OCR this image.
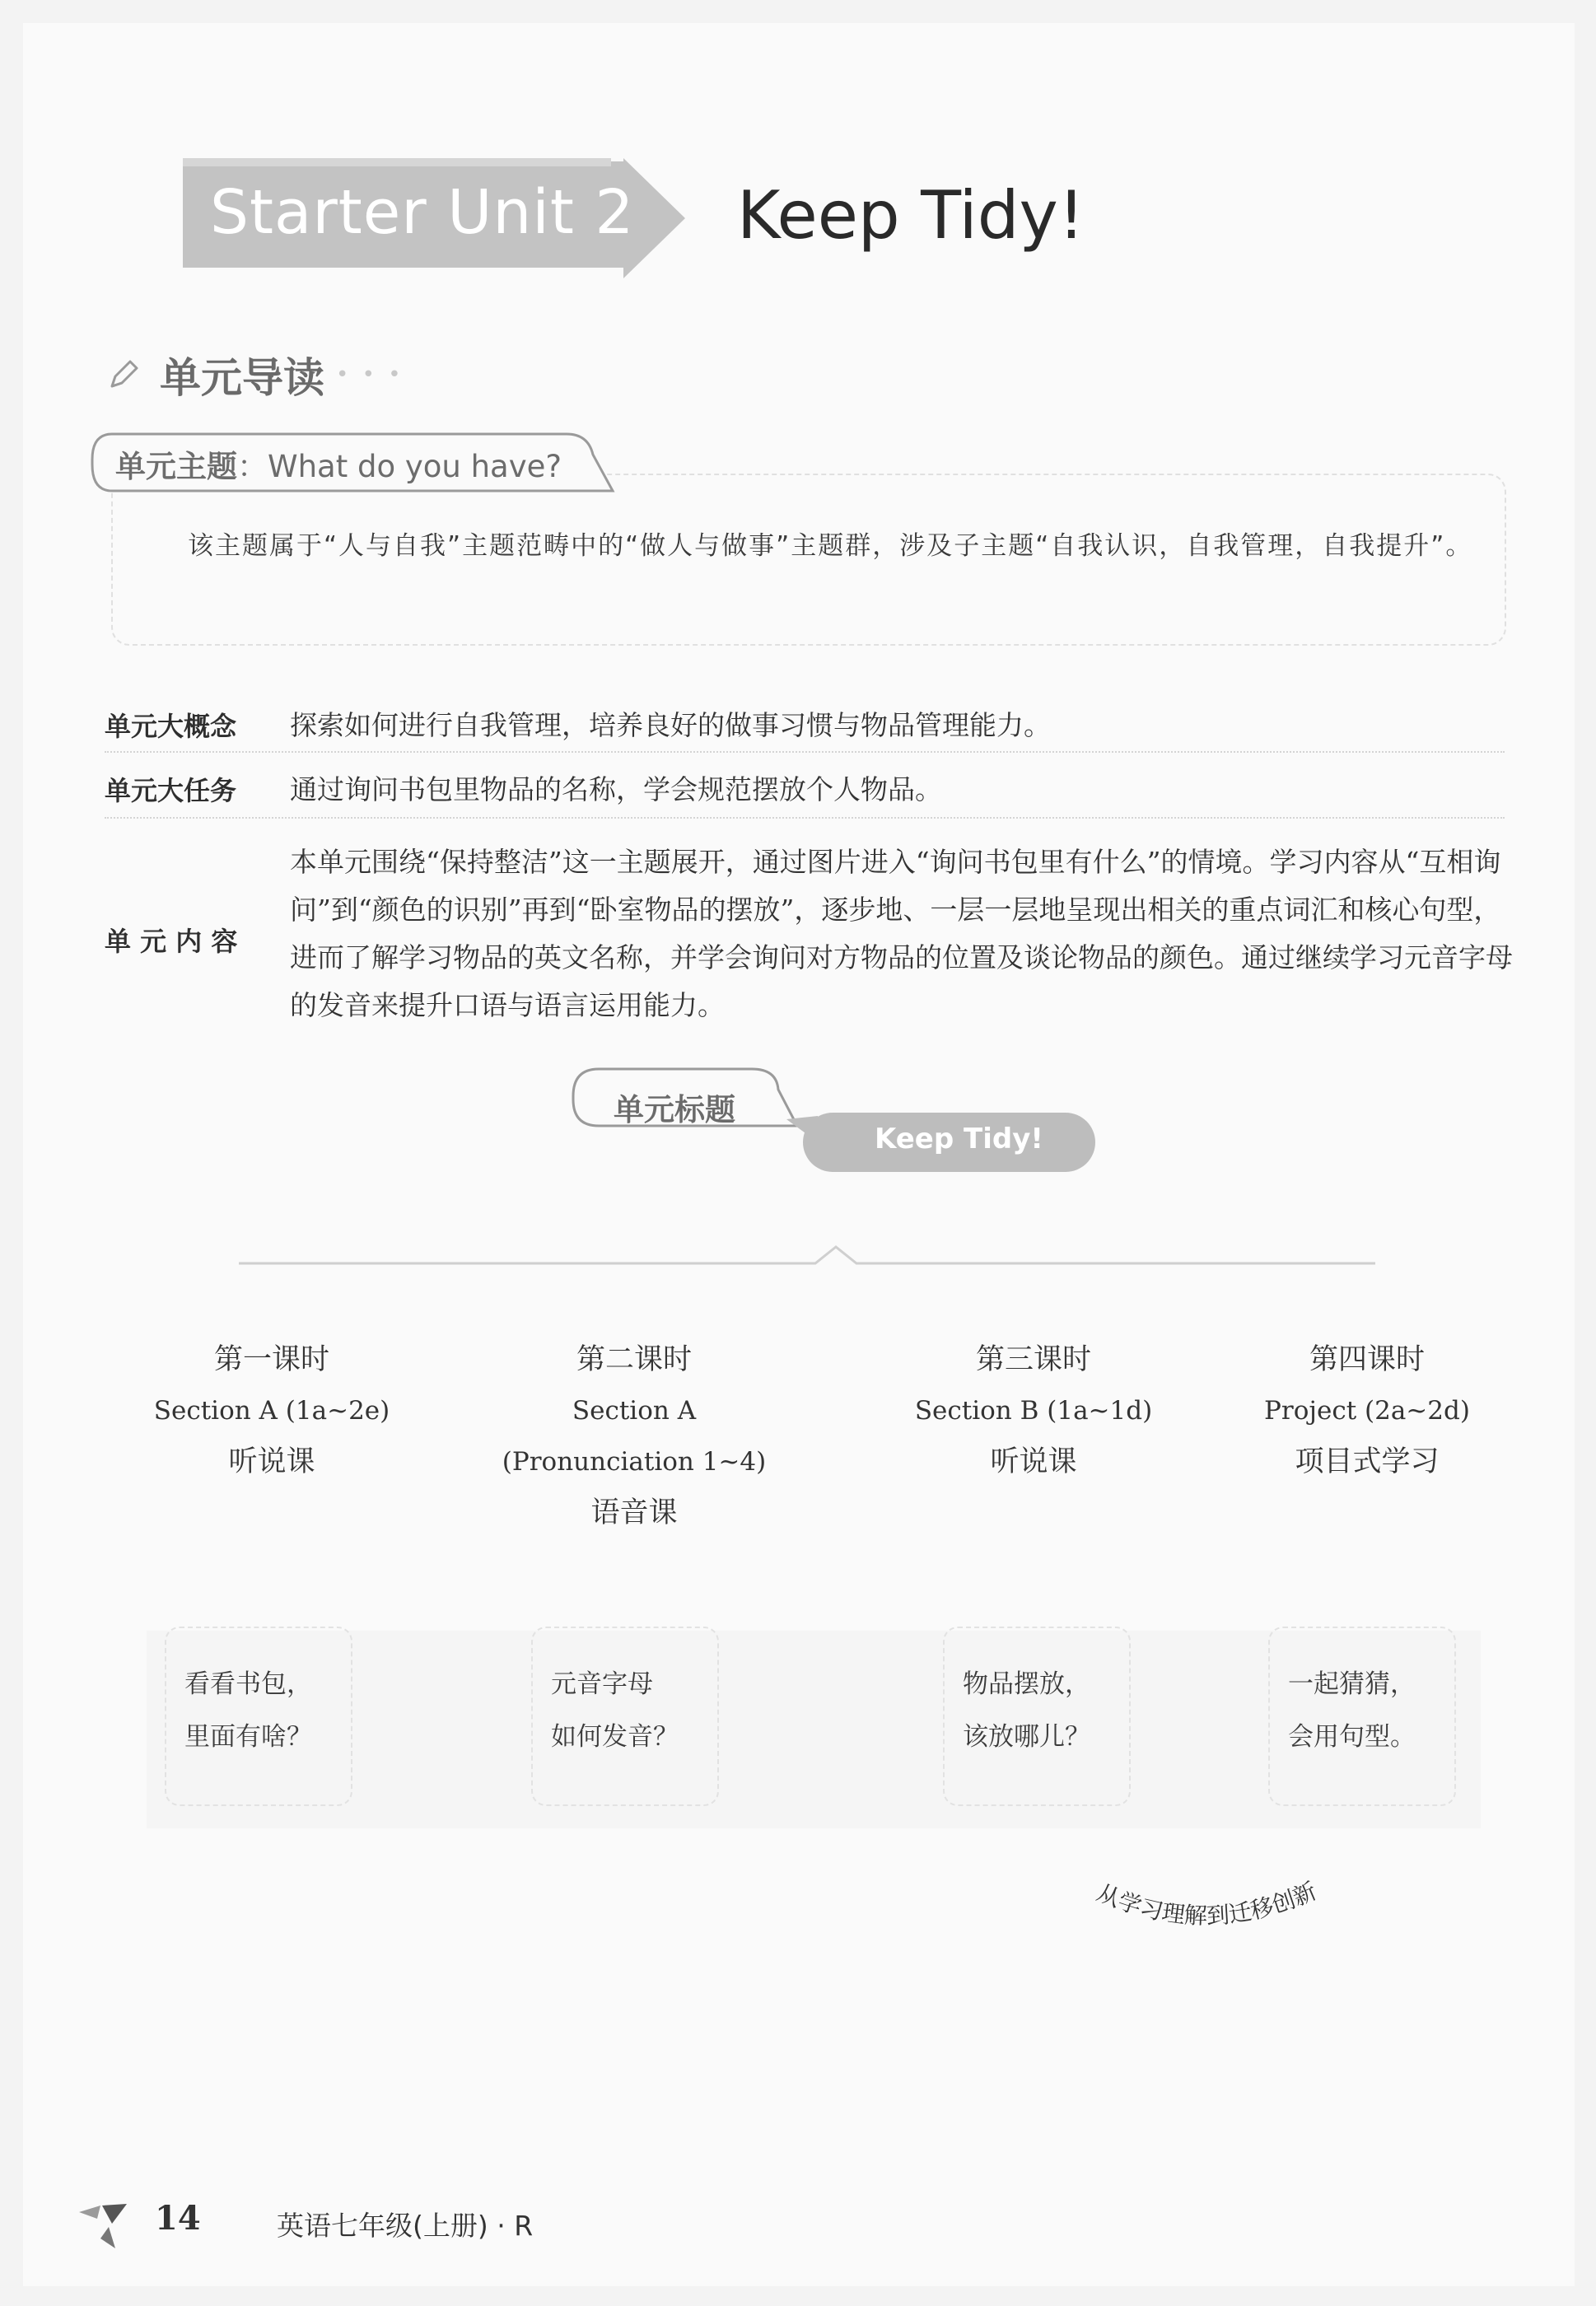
Starter Unit 2 Keep Tidy!
单元导读 • • •
单元主题：What do you have?
该主题属于“人与自我”主题范畴中的“做人与做事”主题群，涉及子主题“自我认识，自我管理，自我提升”。
单元大概念 探索如何进行自我管理，培养良好的做事习惯与物品管理能力。
单元大任务 通过询问书包里物品的名称，学会规范摆放个人物品。
单 元 内 容
本单元围绕“保持整洁”这一主题展开，通过图片进入“询问书包里有什么”的情境。学习内容从“互相询问”到“颜色的识别”再到“卧室物品的摆放”，逐步地、一层一层地呈现出相关的重点词汇和核心句型，进而了解学习物品的英文名称，并学会询问对方物品的位置及谈论物品的颜色。通过继续学习元音字母的发音来提升口语与语言运用能力。
单元标题
Keep Tidy!
第一课时
Section A (1a~2e)
听说课
第二课时
Section A
(Pronunciation 1~4)
语音课
第三课时
Section B (1a~1d)
听说课
第四课时
Project (2a~2d)
项目式学习
看看书包，
里面有啥？
元音字母
如何发音？
物品摆放，
该放哪儿？
一起猜猜，
会用句型。
从学习理解到迁移创新
14	英语七年级(上册) · R
